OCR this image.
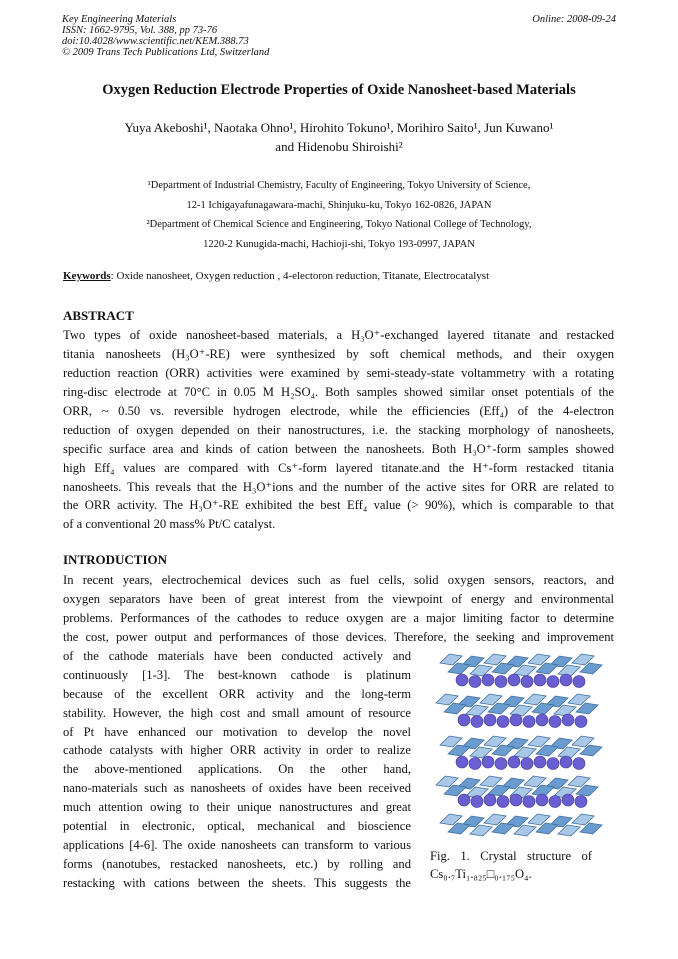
Key Engineering Materials
ISSN: 1662-9795, Vol. 388, pp 73-76
doi:10.4028/www.scientific.net/KEM.388.73
© 2009 Trans Tech Publications Ltd, Switzerland
Online: 2008-09-24
Oxygen Reduction Electrode Properties of Oxide Nanosheet-based Materials
Yuya Akeboshi¹, Naotaka Ohno¹, Hirohito Tokuno¹, Morihiro Saito¹, Jun Kuwano¹
and Hidenobu Shiroishi²
¹Department of Industrial Chemistry, Faculty of Engineering, Tokyo University of Science,
12-1 Ichigayafunagawara-machi, Shinjuku-ku, Tokyo 162-0826, JAPAN
²Department of Chemical Science and Engineering, Tokyo National College of Technology,
1220-2 Kunugida-machi, Hachioji-shi, Tokyo 193-0997, JAPAN
Keywords: Oxide nanosheet, Oxygen reduction , 4-electoron reduction, Titanate, Electrocatalyst
ABSTRACT
Two types of oxide nanosheet-based materials, a H₃O⁺-exchanged layered titanate and restacked
titania nanosheets (H₃O⁺-RE) were synthesized by soft chemical methods, and their oxygen
reduction reaction (ORR) activities were examined by semi-steady-state voltammetry with a rotating
ring-disc electrode at 70°C in 0.05 M H₂SO₄. Both samples showed similar onset potentials of the
ORR, ~ 0.50 vs. reversible hydrogen electrode, while the efficiencies (Eff₄) of the 4-electron
reduction of oxygen depended on their nanostructures, i.e. the stacking morphology of nanosheets,
specific surface area and kinds of cation between the nanosheets. Both H₃O⁺-form samples showed
high Eff₄ values are compared with Cs⁺-form layered titanate.and the H⁺-form restacked titania
nanosheets. This reveals that the H₃O⁺ions and the number of the active sites for ORR are related to
the ORR activity. The H₃O⁺-RE exhibited the best Eff₄ value (> 90%), which is comparable to that
of a conventional 20 mass% Pt/C catalyst.
INTRODUCTION
In recent years, electrochemical devices such as fuel cells, solid oxygen sensors, reactors, and
oxygen separators have been of great interest from the viewpoint of energy and environmental
problems. Performances of the cathodes to reduce oxygen are a major limiting factor to determine
the cost, power output and performances of those devices. Therefore, the seeking and improvement
of the cathode materials have been conducted actively and
continuously [1-3]. The best-known cathode is platinum
because of the excellent ORR activity and the long-term
stability. However, the high cost and small amount of resource
of Pt have enhanced our motivation to develop the novel
cathode catalysts with higher ORR activity in order to realize
the above-mentioned applications. On the other hand,
nano-materials such as nanosheets of oxides have been received
much attention owing to their unique nanostructures and great
potential in electronic, optical, mechanical and bioscience
applications [4-6]. The oxide nanosheets can transform to various
forms (nanotubes, restacked nanosheets, etc.) by rolling and
restacking with cations between the sheets. This suggests the
Fig. 1. Crystal structure of Cs₀.₇Ti₁.₈₂₅□₀.₁₇₅O₄.
